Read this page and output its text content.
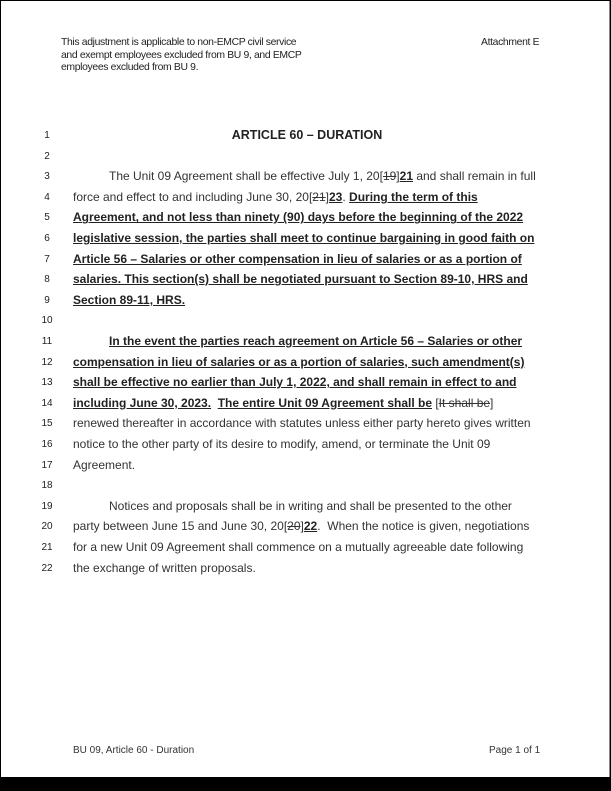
This adjustment is applicable to non-EMCP civil service
and exempt employees excluded from BU 9, and EMCP
employees excluded from BU 9.
Attachment E
1	ARTICLE 60 – DURATION
2
3	The Unit 09 Agreement shall be effective July 1, 20[19]21 and shall remain in full
4	force and effect to and including June 30, 20[21]23. During the term of this
5	Agreement, and not less than ninety (90) days before the beginning of the 2022
6	legislative session, the parties shall meet to continue bargaining in good faith on
7	Article 56 – Salaries or other compensation in lieu of salaries or as a portion of
8	salaries. This section(s) shall be negotiated pursuant to Section 89-10, HRS and
9	Section 89-11, HRS.
10
11	In the event the parties reach agreement on Article 56 – Salaries or other
12 compensation in lieu of salaries or as a portion of salaries, such amendment(s)
13 shall be effective no earlier than July 1, 2022, and shall remain in effect to and
14 including June 30, 2023. The entire Unit 09 Agreement shall be [It shall be]
15 renewed thereafter in accordance with statutes unless either party hereto gives written
16 notice to the other party of its desire to modify, amend, or terminate the Unit 09
17 Agreement.
18
19	Notices and proposals shall be in writing and shall be presented to the other
20 party between June 15 and June 30, 20[20]22.  When the notice is given, negotiations
21 for a new Unit 09 Agreement shall commence on a mutually agreeable date following
22 the exchange of written proposals.
BU 09, Article 60 - Duration	Page 1 of 1
